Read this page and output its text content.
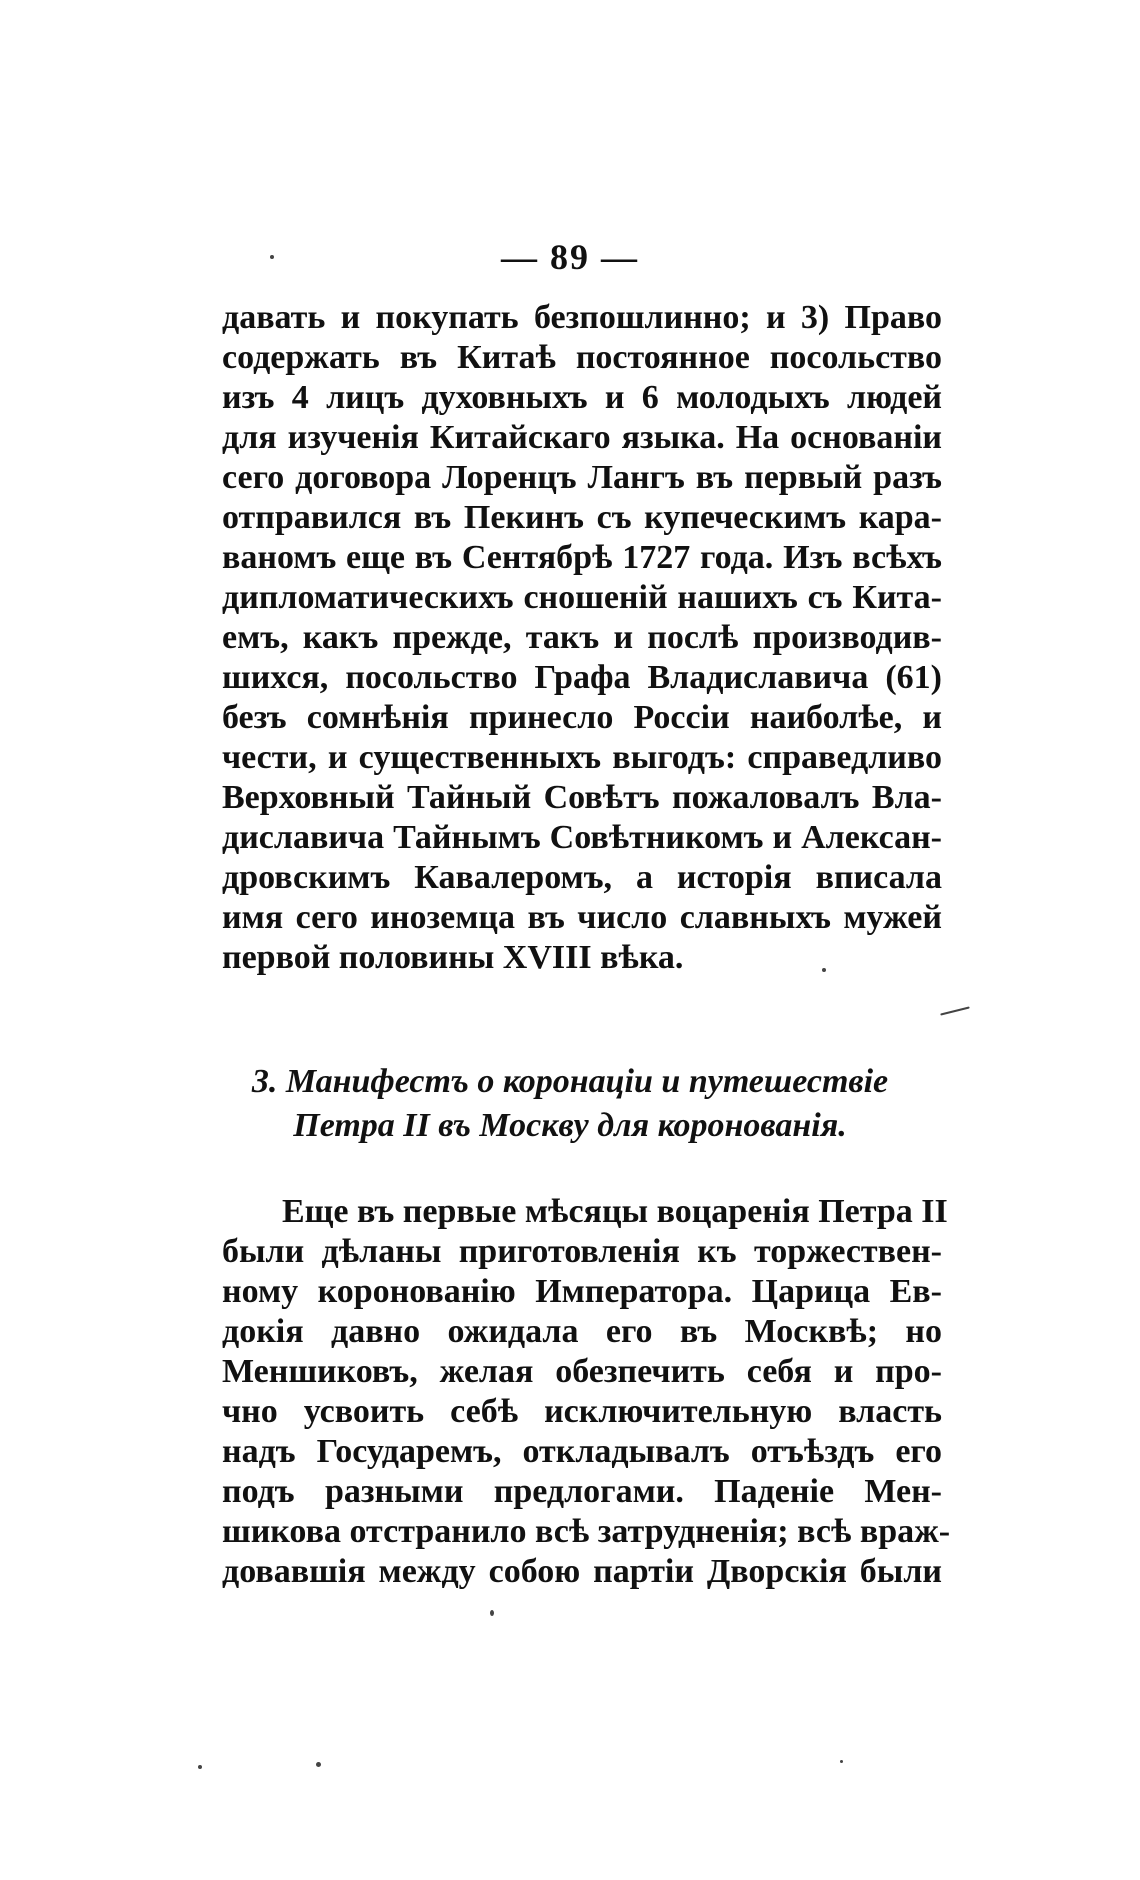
— 89 —
давать и покупать безпошлинно; и 3) Право
содержать въ Китаѣ постоянное посольство
изъ 4 лицъ духовныхъ и 6 молодыхъ людей
для изученія Китайскаго языка. На основаніи
сего договора Лоренцъ Лангъ въ первый разъ
отправился въ Пекинъ съ купеческимъ кара-
ваномъ еще въ Сентябрѣ 1727 года. Изъ всѣхъ
дипломатическихъ сношеній нашихъ съ Кита-
емъ, какъ прежде, такъ и послѣ производив-
шихся, посольство Графа Владиславича (61)
безъ сомнѣнія принесло Россіи наиболѣе, и
чести, и существенныхъ выгодъ: справедливо
Верховный Тайный Совѣтъ пожаловалъ Вла-
диславича Тайнымъ Совѣтникомъ и Алексан-
дровскимъ Кавалеромъ, а исторія вписала
имя сего иноземца въ число славныхъ мужей
первой половины XVIII вѣка.
3. Манифестъ о коронаціи и путешествіе
Петра II въ Москву для коронованія.
Еще въ первые мѣсяцы воцаренія Петра II
были дѣланы приготовленія къ торжествен-
ному коронованію Императора. Царица Ев-
докія давно ожидала его въ Москвѣ; но
Меншиковъ, желая обезпечить себя и про-
чно усвоить себѣ исключительную власть
надъ Государемъ, откладывалъ отъѣздъ его
подъ разными предлогами. Паденіе Мен-
шикова отстранило всѣ затрудненія; всѣ враж-
довавшія между собою партіи Дворскія были
